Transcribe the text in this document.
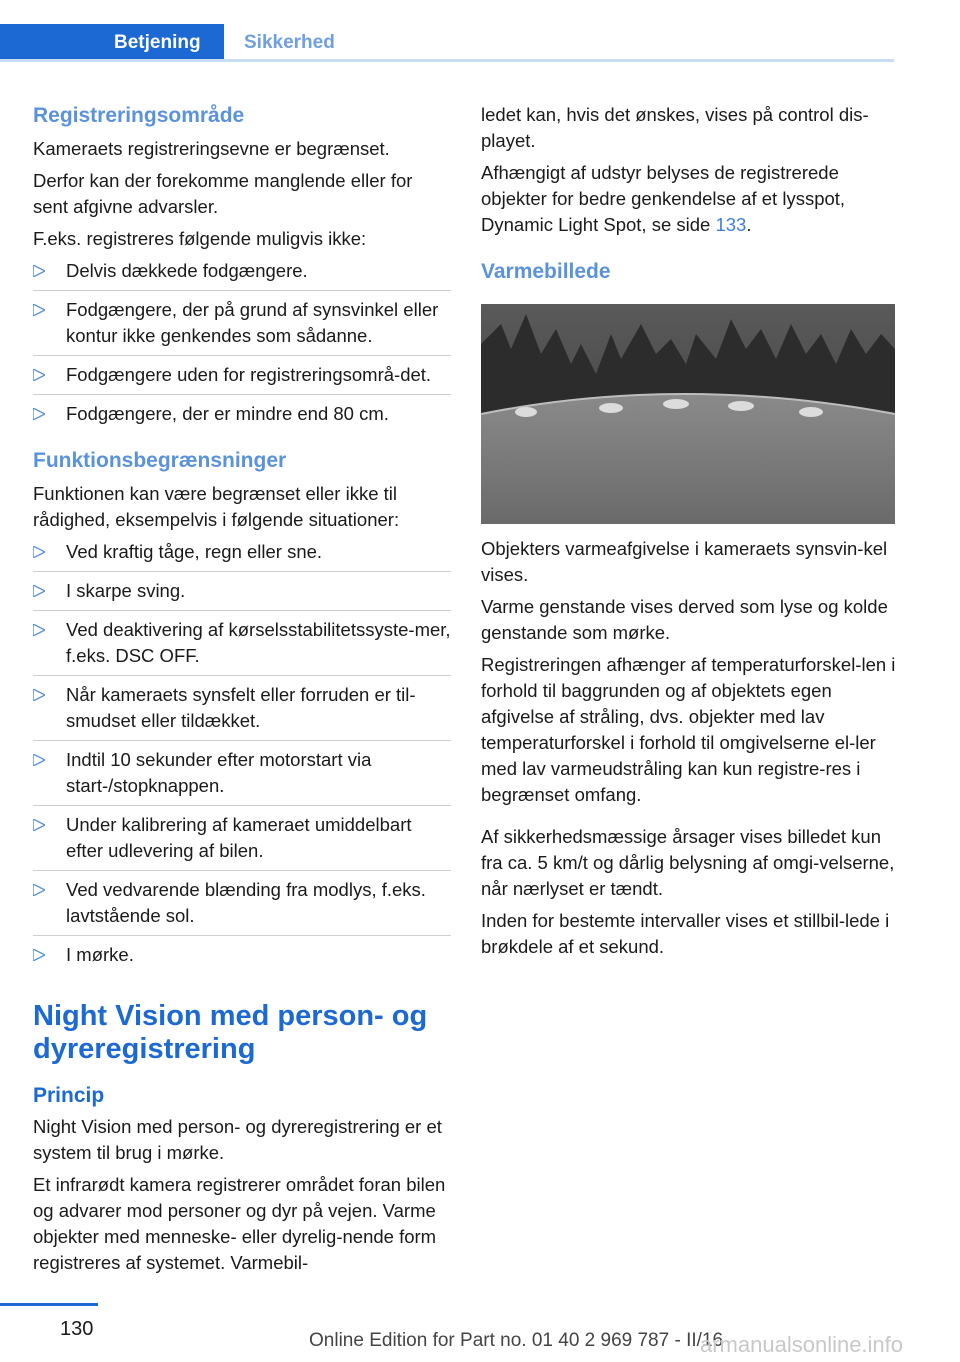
Betjening	Sikkerhed
Registreringsområde

Kameraets registreringsevne er begrænset.

Derfor kan der forekomme manglende eller for sent afgivne advarsler.

F.eks. registreres følgende muligvis ikke:

Delvis dækkede fodgængere.
Fodgængere, der på grund af synsvinkel eller kontur ikke genkendes som sådanne.
Fodgængere uden for registreringsområ-det.
Fodgængere, der er mindre end 80 cm.
Funktionsbegrænsninger

Funktionen kan være begrænset eller ikke til rådighed, eksempelvis i følgende situationer:

Ved kraftig tåge, regn eller sne.
I skarpe sving.
Ved deaktivering af kørselsstabilitetssyste-mer, f.eks. DSC OFF.
Når kameraets synsfelt eller forruden er til-smudset eller tildækket.
Indtil 10 sekunder efter motorstart via start-/stopknappen.
Under kalibrering af kameraet umiddelbart efter udlevering af bilen.
Ved vedvarende blænding fra modlys, f.eks. lavtstående sol.
I mørke.
Night Vision med person- og dyreregistrering
Princip

Night Vision med person- og dyreregistrering er et system til brug i mørke.

Et infrarødt kamera registrerer området foran bilen og advarer mod personer og dyr på vejen. Varme objekter med menneske- eller dyrelig-nende form registreres af systemet. Varmebil-

ledet kan, hvis det ønskes, vises på control dis-playet.

Afhængigt af udstyr belyses de registrerede objekter for bedre genkendelse af et lysspot, Dynamic Light Spot, se side 133.

Varmebillede

Objekters varmeafgivelse i kameraets synsvin-kel vises.

Varme genstande vises derved som lyse og kolde genstande som mørke.

Registreringen afhænger af temperaturforskel-len i forhold til baggrunden og af objektets egen afgivelse af stråling, dvs. objekter med lav temperaturforskel i forhold til omgivelserne el-ler med lav varmeudstråling kan kun registre-res i begrænset omfang.

Af sikkerhedsmæssige årsager vises billedet kun fra ca. 5 km/t og dårlig belysning af omgi-velserne, når nærlyset er tændt.

Inden for bestemte intervaller vises et stillbil-lede i brøkdele af et sekund.

130
Online Edition for Part no. 01 40 2 969 787 - II/16
armanualsonline.info
